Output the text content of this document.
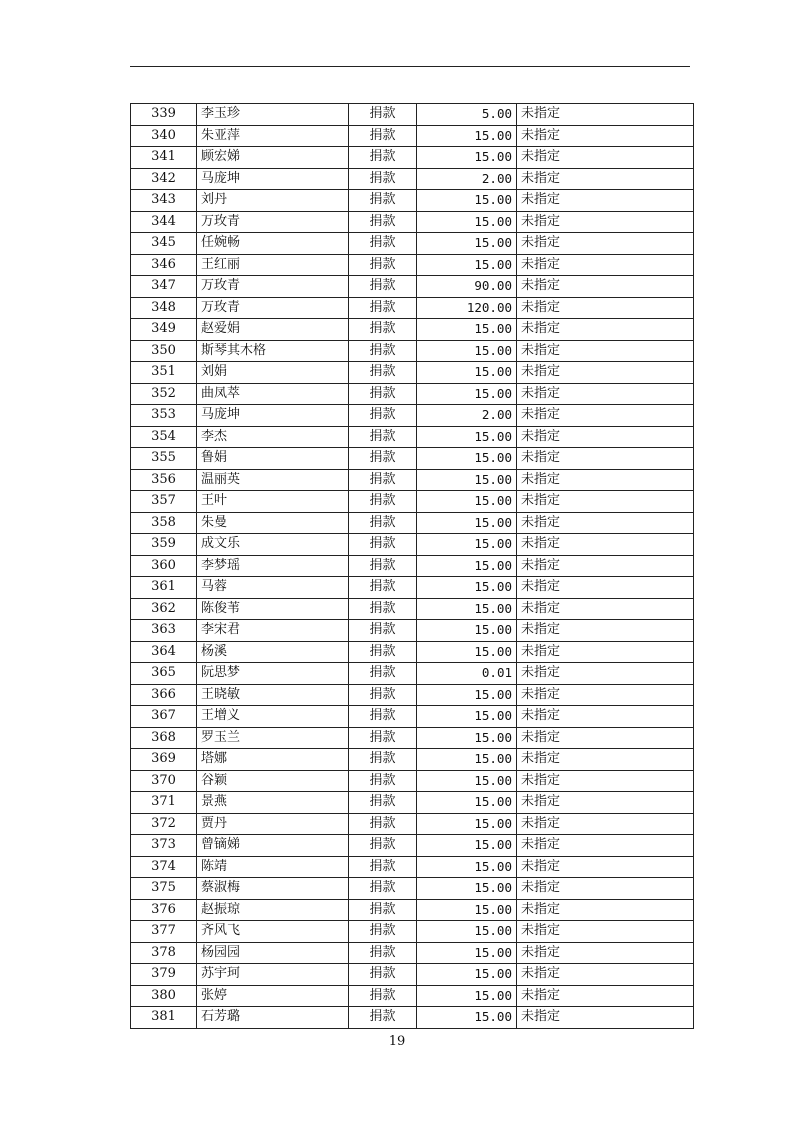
339	李玉珍	捐款	5.00	未指定
340	朱亚萍	捐款	15.00	未指定
341	顾宏娣	捐款	15.00	未指定
342	马庞坤	捐款	2.00	未指定
343	刘丹	捐款	15.00	未指定
344	万玫青	捐款	15.00	未指定
345	任婉畅	捐款	15.00	未指定
346	王红丽	捐款	15.00	未指定
347	万玫青	捐款	90.00	未指定
348	万玫青	捐款	120.00	未指定
349	赵爱娟	捐款	15.00	未指定
350	斯琴其木格	捐款	15.00	未指定
351	刘娟	捐款	15.00	未指定
352	曲凤萃	捐款	15.00	未指定
353	马庞坤	捐款	2.00	未指定
354	李杰	捐款	15.00	未指定
355	鲁娟	捐款	15.00	未指定
356	温丽英	捐款	15.00	未指定
357	王叶	捐款	15.00	未指定
358	朱曼	捐款	15.00	未指定
359	成文乐	捐款	15.00	未指定
360	李梦瑶	捐款	15.00	未指定
361	马蓉	捐款	15.00	未指定
362	陈俊苇	捐款	15.00	未指定
363	李宋君	捐款	15.00	未指定
364	杨溪	捐款	15.00	未指定
365	阮思梦	捐款	0.01	未指定
366	王晓敏	捐款	15.00	未指定
367	王增义	捐款	15.00	未指定
368	罗玉兰	捐款	15.00	未指定
369	塔娜	捐款	15.00	未指定
370	谷颖	捐款	15.00	未指定
371	景燕	捐款	15.00	未指定
372	贾丹	捐款	15.00	未指定
373	曾镝娣	捐款	15.00	未指定
374	陈靖	捐款	15.00	未指定
375	蔡淑梅	捐款	15.00	未指定
376	赵振琼	捐款	15.00	未指定
377	齐风飞	捐款	15.00	未指定
378	杨园园	捐款	15.00	未指定
379	苏宇珂	捐款	15.00	未指定
380	张婷	捐款	15.00	未指定
381	石芳璐	捐款	15.00	未指定
19
